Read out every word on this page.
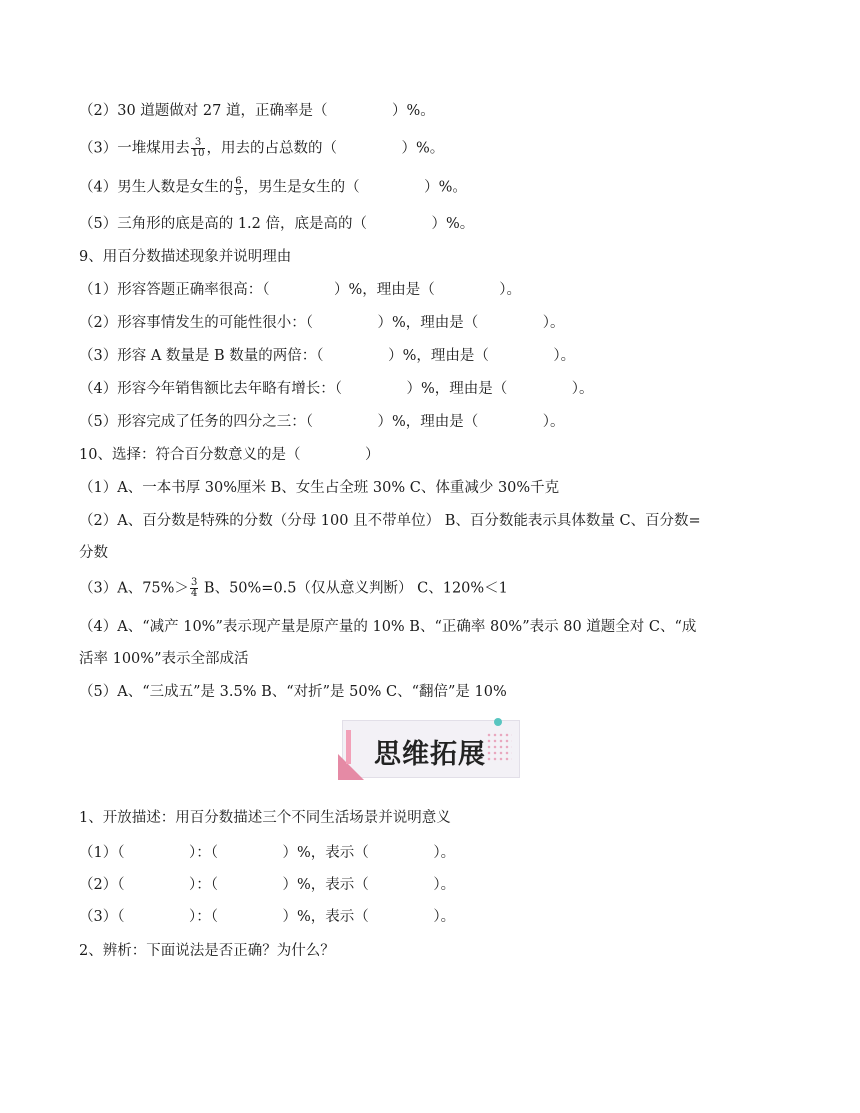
（2）30 道题做对 27 道，正确率是（              ）%。
（3）一堆煤用去 $\frac{3}{10}$ ，用去的占总数的（              ）%。
（4）男生人数是女生的 $\frac{6}{5}$ ，男生是女生的（              ）%。
（5）三角形的底是高的 1.2 倍，底是高的（              ）%。
9、用百分数描述现象并说明理由
（1）形容答题正确率很高：（              ）%，理由是（              ）。
（2）形容事情发生的可能性很小：（              ）%，理由是（              ）。
（3）形容 A 数量是 B 数量的两倍：（              ）%，理由是（              ）。
（4）形容今年销售额比去年略有增长：（              ）%，理由是（              ）。
（5）形容完成了任务的四分之三：（              ）%，理由是（              ）。
10、选择：符合百分数意义的是（              ）
（1）A、一本书厚 30%厘米 B、女生占全班 30% C、体重减少 30%千克
（2）A、百分数是特殊的分数（分母 100 且不带单位） B、百分数能表示具体数量 C、百分数=
分数
（3）A、$75\%> \frac{3}{4}$ B、50%=0.5（仅从意义判断） C、120%＜1
（4）A、“减产 10%”表示现产量是原产量的 10% B、“正确率 80%”表示 80 道题全对 C、“成
活率 100%”表示全部成活
（5）A、“三成五”是 3.5% B、“对折”是 50% C、“翻倍”是 10%
思维拓展
1、开放描述：用百分数描述三个不同生活场景并说明意义
（1）（              ）：（              ）%，表示（              ）。
（2）（              ）：（              ）%，表示（              ）。
（3）（              ）：（              ）%，表示（              ）。
2、辨析：下面说法是否正确？为什么？
